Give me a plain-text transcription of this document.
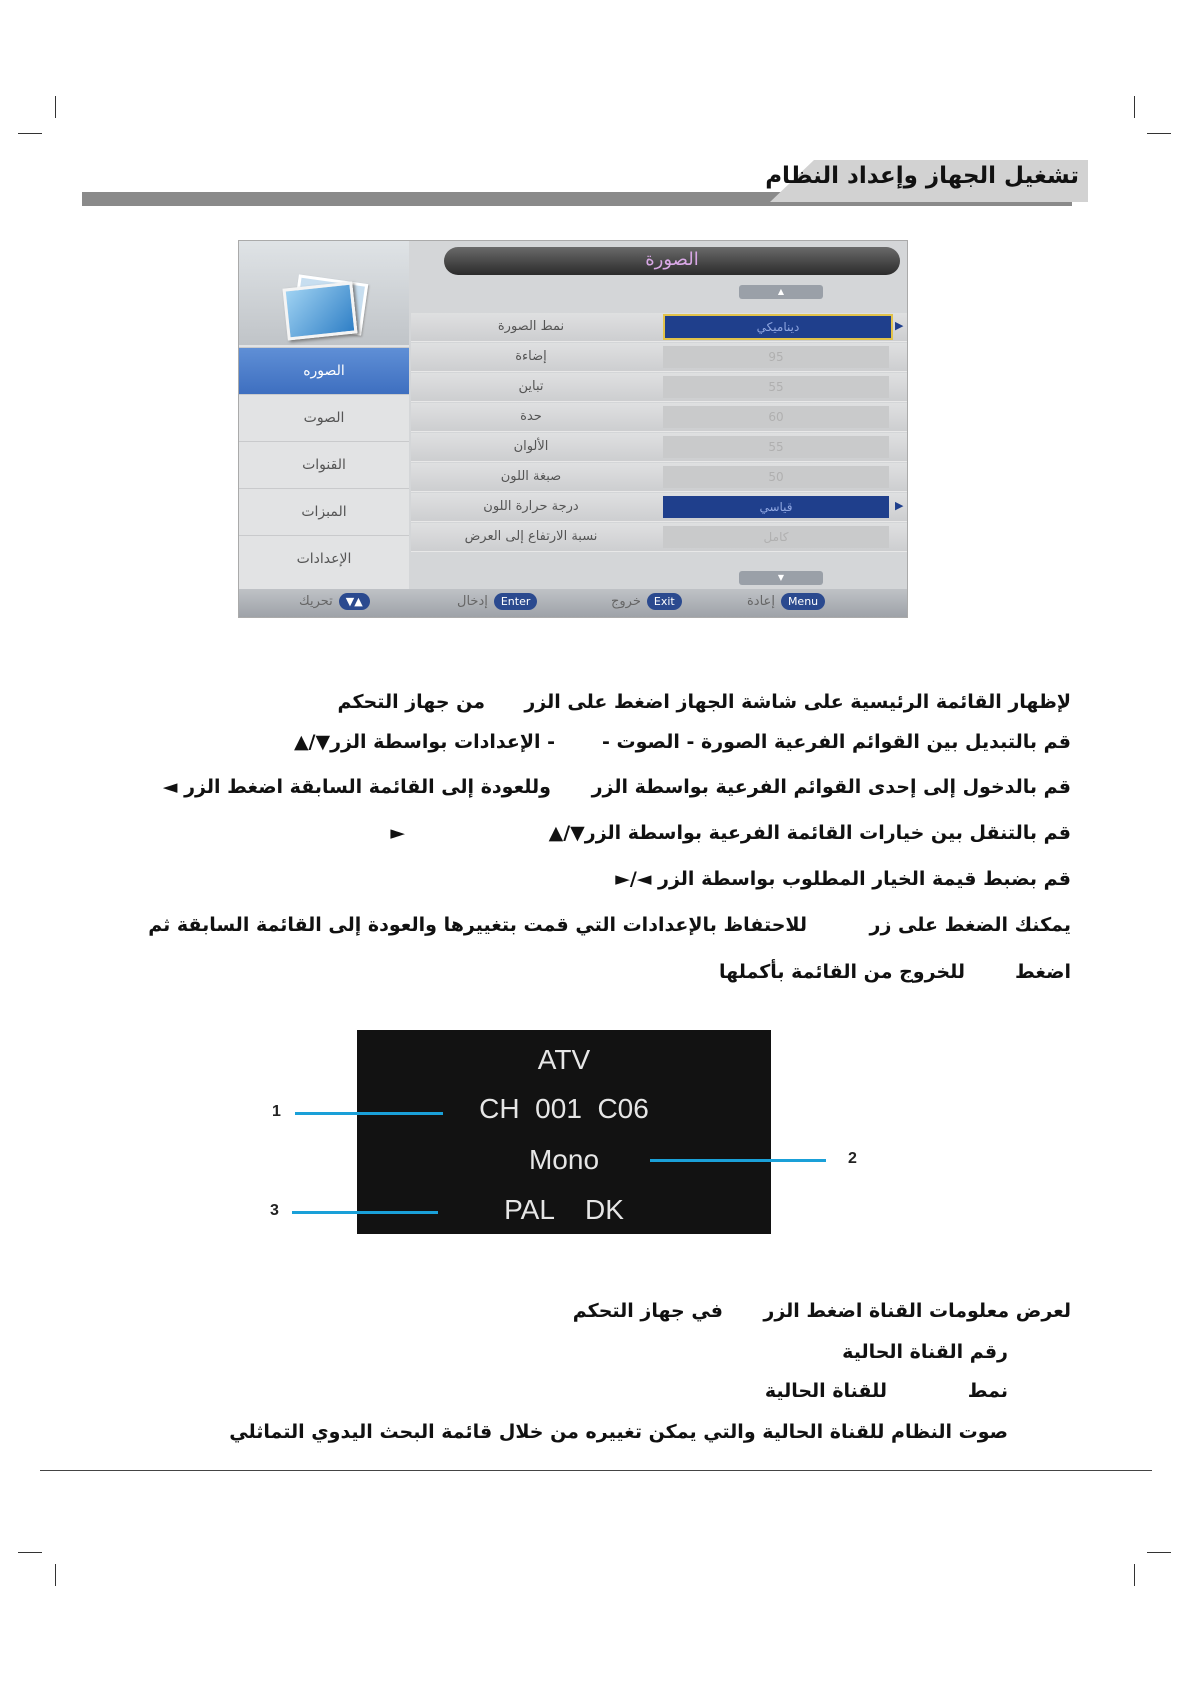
تشغيل الجهاز وإعداد النظام
الصوره
الصوت
القنوات
المبزات
الإعدادات
الصورة
▲
نمط الصورة	ديناميكي	▶
إضاءة	95
تباين	55
حدة	60
الألوان	55
صبغة اللون	50
درجة حرارة اللون	قياسي	▶
نسبة الارتفاع إلى العرض	كامل
▼
▲▼تحريك	Enterإدخال	Exitخروج	Menuإعادة
لإظهار القائمة الرئيسية على شاشة الجهاز اضغط على الزر
من جهاز التحكم
قم بالتبديل بين القوائم الفرعية الصورة - الصوت -
- الإعدادات بواسطة الزر▼/▲
قم بالدخول إلى إحدى القوائم الفرعية بواسطة الزر
وللعودة إلى القائمة السابقة اضغط الزر ◄
قم بالتنقل بين خيارات القائمة الفرعية بواسطة الزر▼/▲
►
قم بضبط قيمة الخيار المطلوب بواسطة الزر ◄/►
يمكنك الضغط على زر
للاحتفاظ بالإعدادات التي قمت بتغييرها والعودة إلى القائمة السابقة ثم
اضغط
للخروج من القائمة بأكملها
ATV
CH  001  C06
Mono
PAL    DK
1
2
3
لعرض معلومات القناة اضغط الزر
في جهاز التحكم
رقم القناة الحالية
نمط
للقناة الحالية
صوت النظام للقناة الحالية والتي يمكن تغييره من خلال قائمة البحث اليدوي التماثلي
